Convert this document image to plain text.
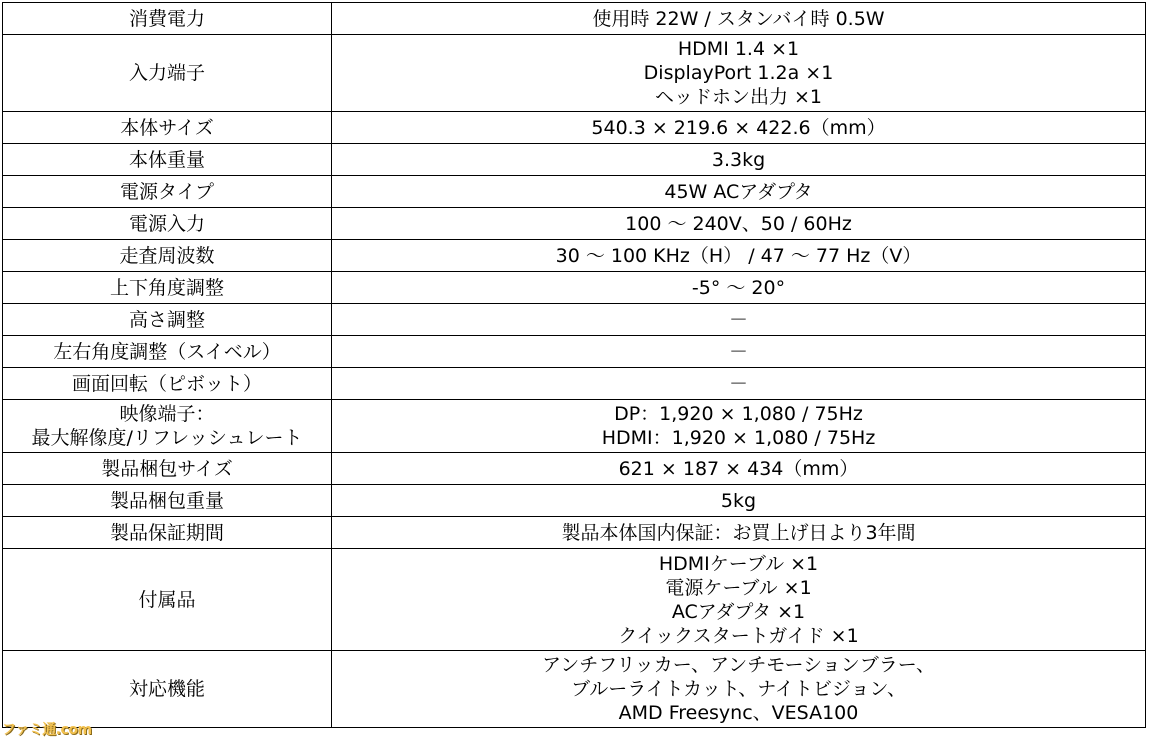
消費電力	使用時 22W / スタンバイ時 0.5W

入力端子	HDMI 1.4 ×1
DisplayPort 1.2a ×1
ヘッドホン出力 ×1

本体サイズ	540.3 × 219.6 × 422.6（mm）

本体重量	3.3kg

電源タイプ	45W ACアダプタ

電源入力	100 ～ 240V、50 / 60Hz

走査周波数	30 ～ 100 KHz（H） / 47 ～ 77 Hz（V）

上下角度調整	-5° ～ 20°

高さ調整	－

左右角度調整（スイベル）	－

画面回転（ピボット）	－

映像端子：
最大解像度/リフレッシュレート	DP：1,920 × 1,080 / 75Hz
HDMI：1,920 × 1,080 / 75Hz

製品梱包サイズ	621 × 187 × 434（mm）

製品梱包重量	5kg

製品保証期間	製品本体国内保証：お買上げ日より3年間

付属品	HDMIケーブル ×1
電源ケーブル ×1
ACアダプタ ×1
クイックスタートガイド ×1

対応機能	アンチフリッカー、アンチモーションブラー、
ブルーライトカット、ナイトビジョン、
AMD Freesync、VESA100
ファミ通.com
